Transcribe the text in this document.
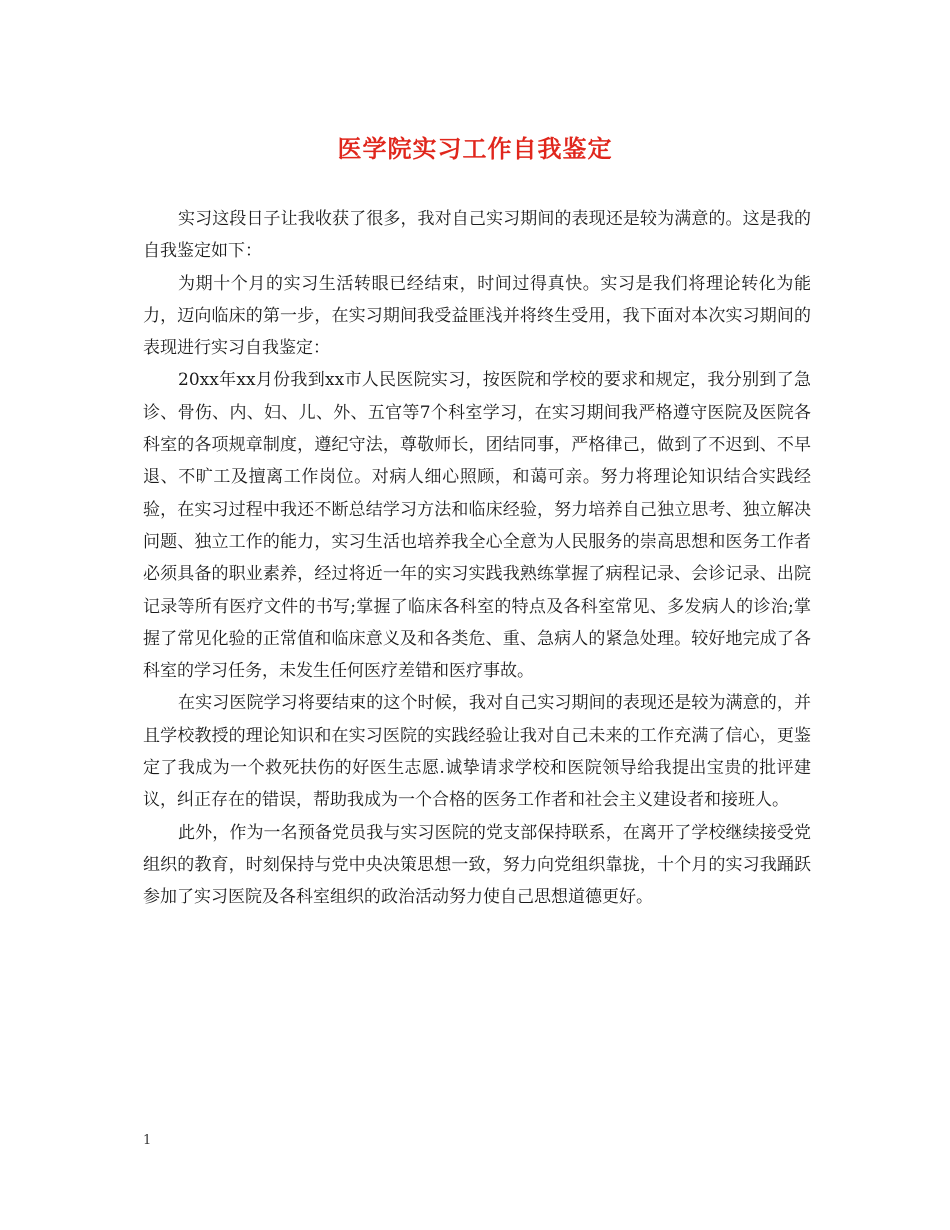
医学院实习工作自我鉴定

实习这段日子让我收获了很多，我对自己实习期间的表现还是较为满意的。这是我的自我鉴定如下：

为期十个月的实习生活转眼已经结束，时间过得真快。实习是我们将理论转化为能力，迈向临床的第一步，在实习期间我受益匪浅并将终生受用，我下面对本次实习期间的表现进行实习自我鉴定：

20xx年xx月份我到xx市人民医院实习，按医院和学校的要求和规定，我分别到了急诊、骨伤、内、妇、儿、外、五官等7个科室学习，在实习期间我严格遵守医院及医院各科室的各项规章制度，遵纪守法，尊敬师长，团结同事，严格律己，做到了不迟到、不早退、不旷工及擅离工作岗位。对病人细心照顾，和蔼可亲。努力将理论知识结合实践经验，在实习过程中我还不断总结学习方法和临床经验，努力培养自己独立思考、独立解决问题、独立工作的能力，实习生活也培养我全心全意为人民服务的崇高思想和医务工作者必须具备的职业素养，经过将近一年的实习实践我熟练掌握了病程记录、会诊记录、出院记录等所有医疗文件的书写;掌握了临床各科室的特点及各科室常见、多发病人的诊治;掌握了常见化验的正常值和临床意义及和各类危、重、急病人的紧急处理。较好地完成了各科室的学习任务，未发生任何医疗差错和医疗事故。

在实习医院学习将要结束的这个时候，我对自己实习期间的表现还是较为满意的，并且学校教授的理论知识和在实习医院的实践经验让我对自己未来的工作充满了信心，更鉴定了我成为一个救死扶伤的好医生志愿.诚挚请求学校和医院领导给我提出宝贵的批评建议，纠正存在的错误，帮助我成为一个合格的医务工作者和社会主义建设者和接班人。

此外，作为一名预备党员我与实习医院的党支部保持联系，在离开了学校继续接受党组织的教育，时刻保持与党中央决策思想一致，努力向党组织靠拢，十个月的实习我踊跃参加了实习医院及各科室组织的政治活动努力使自己思想道德更好。

1
